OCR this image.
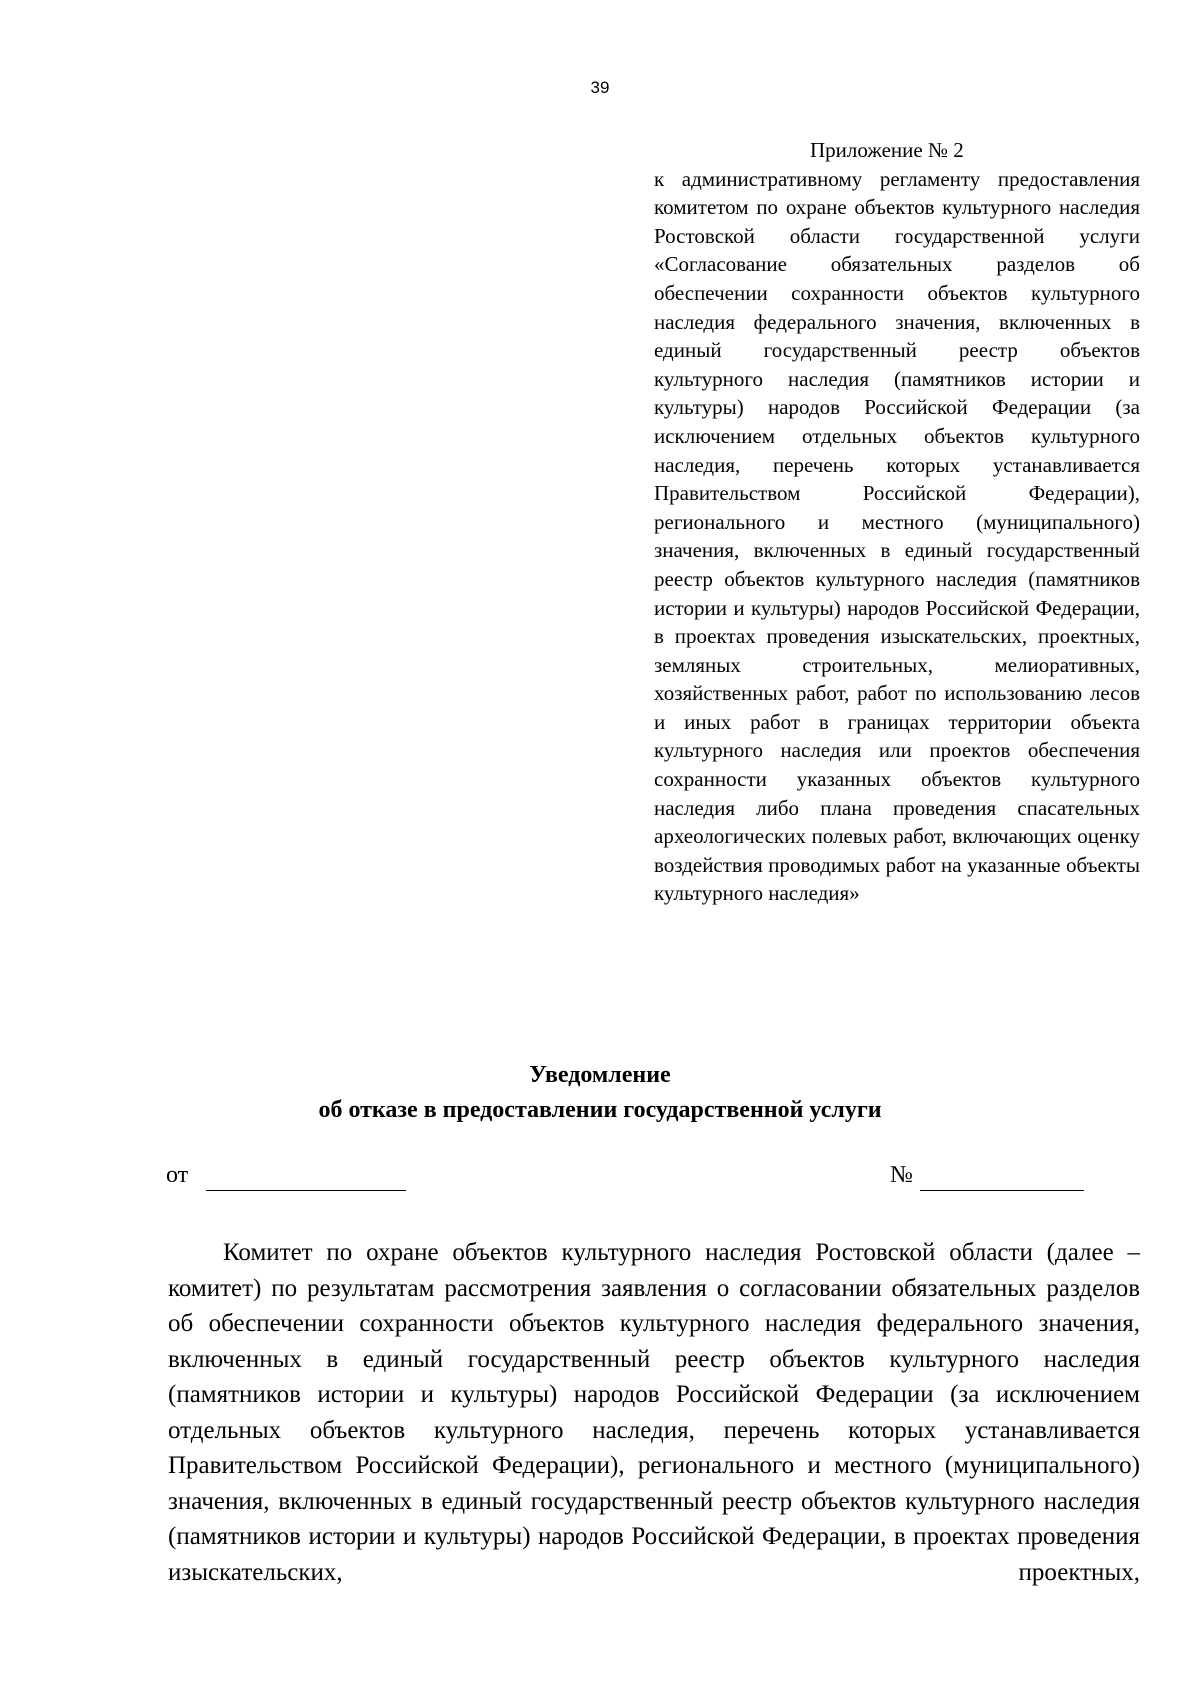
39
Приложение № 2
к административному регламенту предоставления комитетом по охране объектов культурного наследия Ростовской области государственной услуги «Согласование обязательных разделов об обеспечении сохранности объектов культурного наследия федерального значения, включенных в единый государственный реестр объектов культурного наследия (памятников истории и культуры) народов Российской Федерации (за исключением отдельных объектов культурного наследия, перечень которых устанавливается Правительством Российской Федерации), регионального и местного (муниципального) значения, включенных в единый государственный реестр объектов культурного наследия (памятников истории и культуры) народов Российской Федерации, в проектах проведения изыскательских, проектных, земляных строительных, мелиоративных, хозяйственных работ, работ по использованию лесов и иных работ в границах территории объекта культурного наследия или проектов обеспечения сохранности указанных объектов культурного наследия либо плана проведения спасательных археологических полевых работ, включающих оценку воздействия проводимых работ на указанные объекты культурного наследия»
Уведомление
об отказе в предоставлении государственной услуги
от	№

Комитет по охране объектов культурного наследия Ростовской области (далее – комитет) по результатам рассмотрения заявления о согласовании обязательных разделов об обеспечении сохранности объектов культурного наследия федерального значения, включенных в единый государственный реестр объектов культурного наследия (памятников истории и культуры) народов Российской Федерации (за исключением отдельных объектов культурного наследия, перечень которых устанавливается Правительством Российской Федерации), регионального и местного (муниципального) значения, включенных в единый государственный реестр объектов культурного наследия (памятников истории и культуры) народов Российской Федерации, в проектах проведения изыскательских, проектных,
